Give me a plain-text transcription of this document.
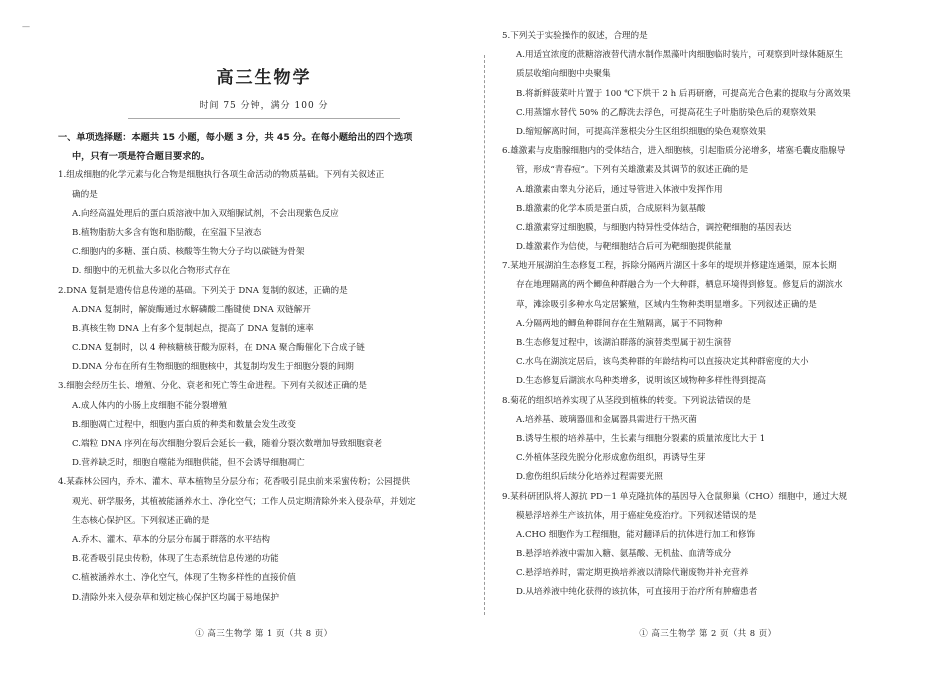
—
高三生物学
时间 75 分钟，满分 100 分
一、单项选择题：本题共 15 小题，每小题 3 分，共 45 分。在每小题给出的四个选项
中，只有一项是符合题目要求的。
1.组成细胞的化学元素与化合物是细胞执行各项生命活动的物质基础。下列有关叙述正
确的是
A.向经高温处理后的蛋白质溶液中加入双缩脲试剂，不会出现紫色反应
B.植物脂肪大多含有饱和脂肪酸，在室温下呈液态
C.细胞内的多糖、蛋白质、核酸等生物大分子均以碳链为骨架
D. 细胞中的无机盐大多以化合物形式存在
2.DNA 复制是遗传信息传递的基础。下列关于 DNA 复制的叙述，正确的是
A.DNA 复制时，解旋酶通过水解磷酸二酯键使 DNA 双链解开
B.真核生物 DNA 上有多个复制起点，提高了 DNA 复制的速率
C.DNA 复制时，以 4 种核糖核苷酸为原料，在 DNA 聚合酶催化下合成子链
D.DNA 分布在所有生物细胞的细胞核中，其复制均发生于细胞分裂的间期
3.细胞会经历生长、增殖、分化、衰老和死亡等生命进程。下列有关叙述正确的是
A.成人体内的小肠上皮细胞不能分裂增殖
B.细胞凋亡过程中，细胞内蛋白质的种类和数量会发生改变
C.端粒 DNA 序列在每次细胞分裂后会延长一截，随着分裂次数增加导致细胞衰老
D.营养缺乏时，细胞自噬能为细胞供能，但不会诱导细胞凋亡
4.某森林公园内，乔木、灌木、草本植物呈分层分布；花香吸引昆虫前来采蜜传粉；公园提供
观光、研学服务，其植被能涵养水土、净化空气；工作人员定期清除外来入侵杂草，并划定
生态核心保护区。下列叙述正确的是
A.乔木、灌木、草本的分层分布属于群落的水平结构
B.花香吸引昆虫传粉，体现了生态系统信息传递的功能
C.植被涵养水土、净化空气，体现了生物多样性的直接价值
D.清除外来入侵杂草和划定核心保护区均属于易地保护
① 高三生物学 第 1 页（共 8 页）
5.下列关于实验操作的叙述，合理的是
A.用适宜浓度的蔗糖溶液替代清水制作黑藻叶肉细胞临时装片，可观察到叶绿体随原生
质层收缩向细胞中央聚集
B.将新鲜菠菜叶片置于 100 ℃下烘干 2 h 后再研磨，可提高光合色素的提取与分离效果
C.用蒸馏水替代 50% 的乙醇洗去浮色，可提高花生子叶脂肪染色后的观察效果
D.缩短解离时间，可提高洋葱根尖分生区组织细胞的染色观察效果
6.雄激素与皮脂腺细胞内的受体结合，进入细胞核，引起脂质分泌增多，堵塞毛囊皮脂腺导
管，形成“青春痘”。下列有关雄激素及其调节的叙述正确的是
A.雄激素由睾丸分泌后，通过导管进入体液中发挥作用
B.雄激素的化学本质是蛋白质，合成原料为氨基酸
C.雄激素穿过细胞膜，与细胞内特异性受体结合，调控靶细胞的基因表达
D.雄激素作为信使，与靶细胞结合后可为靶细胞提供能量
7.某地开展湖泊生态修复工程，拆除分隔两片湖区十多年的堤坝并修建连通渠，原本长期
存在地理隔离的两个鲫鱼种群融合为一个大种群，栖息环境得到修复。修复后的湖滨水
草，滩涂吸引多种水鸟定居繁殖，区域内生物种类明显增多。下列叙述正确的是
A.分隔两地的鲫鱼种群间存在生殖隔离，属于不同物种
B.生态修复过程中，该湖泊群落的演替类型属于初生演替
C.水鸟在湖滨定居后，该鸟类种群的年龄结构可以直接决定其种群密度的大小
D.生态修复后湖滨水鸟种类增多，说明该区域物种多样性得到提高
8.菊花的组织培养实现了从茎段到植株的转变。下列说法错误的是
A.培养基、玻璃器皿和金属器具需进行干热灭菌
B.诱导生根的培养基中，生长素与细胞分裂素的质量浓度比大于 1
C.外植体茎段先脱分化形成愈伤组织，再诱导生芽
D.愈伤组织后续分化培养过程需要光照
9.某科研团队将人源抗 PD－1 单克隆抗体的基因导入仓鼠卵巢（CHO）细胞中，通过大规
模悬浮培养生产该抗体，用于癌症免疫治疗。下列叙述错误的是
A.CHO 细胞作为工程细胞，能对翻译后的抗体进行加工和修饰
B.悬浮培养液中需加入糖、氨基酸、无机盐、血清等成分
C.悬浮培养时，需定期更换培养液以清除代谢废物并补充营养
D.从培养液中纯化获得的该抗体，可直接用于治疗所有肿瘤患者
① 高三生物学 第 2 页（共 8 页）
